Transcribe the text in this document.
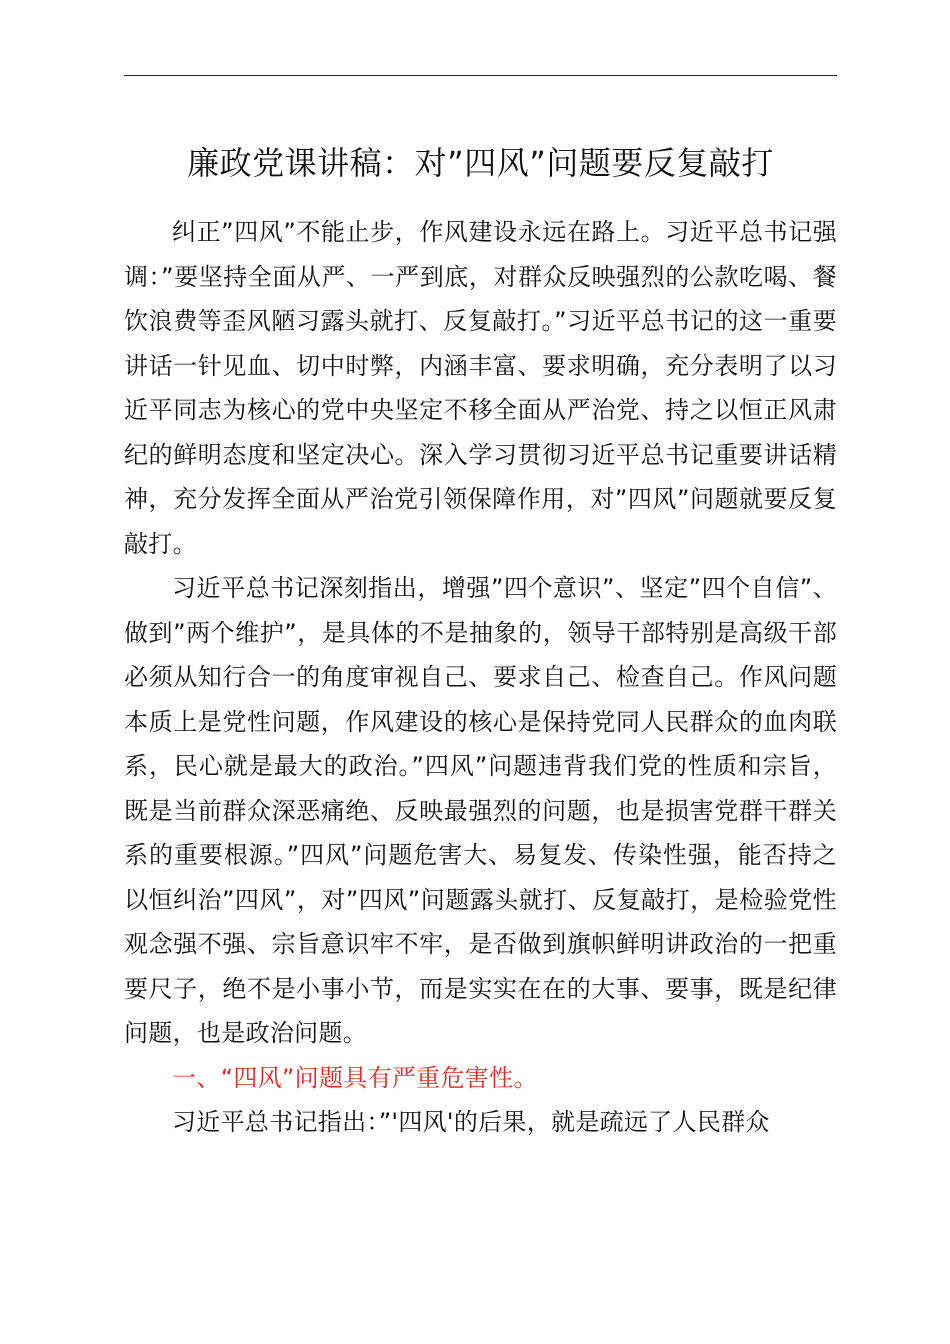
廉政党课讲稿：对”四风”问题要反复敲打

纠正”四风”不能止步，作风建设永远在路上。习近平总书记强调：”要坚持全面从严、一严到底，对群众反映强烈的公款吃喝、餐饮浪费等歪风陋习露头就打、反复敲打。”习近平总书记的这一重要讲话一针见血、切中时弊，内涵丰富、要求明确，充分表明了以习近平同志为核心的党中央坚定不移全面从严治党、持之以恒正风肃纪的鲜明态度和坚定决心。深入学习贯彻习近平总书记重要讲话精神，充分发挥全面从严治党引领保障作用，对”四风”问题就要反复敲打。

习近平总书记深刻指出，增强”四个意识”、坚定”四个自信”、做到”两个维护”，是具体的不是抽象的，领导干部特别是高级干部必须从知行合一的角度审视自己、要求自己、检查自己。作风问题本质上是党性问题，作风建设的核心是保持党同人民群众的血肉联系，民心就是最大的政治。”四风”问题违背我们党的性质和宗旨，既是当前群众深恶痛绝、反映最强烈的问题，也是损害党群干群关系的重要根源。”四风”问题危害大、易复发、传染性强，能否持之以恒纠治”四风”，对”四风”问题露头就打、反复敲打，是检验党性观念强不强、宗旨意识牢不牢，是否做到旗帜鲜明讲政治的一把重要尺子，绝不是小事小节，而是实实在在的大事、要事，既是纪律问题，也是政治问题。

一、“四风”问题具有严重危害性。

习近平总书记指出：”'四风'的后果，就是疏远了人民群众
